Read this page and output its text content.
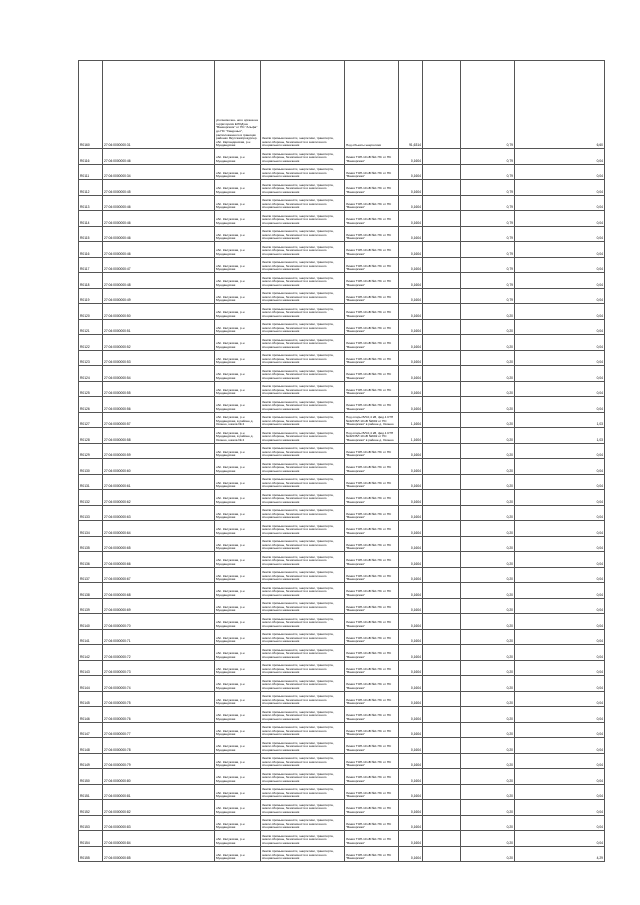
R0160	27:04:0000000:31	уполномочен- ного органа на территориях ЕЛОД на "Ванкорском" от ПС "Альфа" до ПС "Хандонья", расположенного в границах районах Якутскаяпрокурлер. обл. Каргандинская, р-н Мундандская	Земли промышленности, энергетики, транспорта, земли обороны, безопасности и земли иного специального назначения	Под объекты энергетики	91,6314		0,79	6,60
R0116	27:04:0000000:46	обл. Калужская, р-н Мундандская	Земли промышленности, энергетики, транспорта, земли обороны, безопасности и земли иного специального назначения	Линия ТЭП-10 кВ №1 ПС от ПС "Ванкорская"	0,1604		0,79	0,04
R0111	27:04:0000000:34	обл. Калужская, р-н Мундандская	Земли промышленности, энергетики, транспорта, земли обороны, безопасности и земли иного специального назначения	Линия ТЭП-10 кВ №1 ПС от ПС "Ванкорская"	0,1604		0,79	0,04
R0112	27:04:0000000:45	обл. Калужская, р-н Мундандская	Земли промышленности, энергетики, транспорта, земли обороны, безопасности и земли иного специального назначения	Линия ТЭП-10 кВ №1 ПС от ПС "Ванкорская"	0,1604		0,79	0,04
R0113	27:04:0000000:46	обл. Калужская, р-н Мундандская	Земли промышленности, энергетики, транспорта, земли обороны, безопасности и земли иного специального назначения	Линия ТЭП-10 кВ №1 ПС от ПС "Ванкорская"	0,1604		0,79	0,04
R0114	27:04:0000000:46	обл. Калужская, р-н Мундандская	Земли промышленности, энергетики, транспорта, земли обороны, безопасности и земли иного специального назначения	Линия ТЭП-10 кВ №1 ПС от ПС "Ванкорская"	0,1604		0,79	0,04
R0115	27:04:0000000:46	обл. Калужская, р-н Мундандская	Земли промышленности, энергетики, транспорта, земли обороны, безопасности и земли иного специального назначения	Линия ТЭП-10 кВ №1 ПС от ПС "Ванкорская"	0,1604		0,79	0,04
R0116	27:04:0000000:46	обл. Калужская, р-н Мундандская	Земли промышленности, энергетики, транспорта, земли обороны, безопасности и земли иного специального назначения	Линия ТЭП-10 кВ №1 ПС от ПС "Ванкорская"	0,1604		0,79	0,04
R0117	27:04:0000000:47	обл. Калужская, р-н Мундандская	Земли промышленности, энергетики, транспорта, земли обороны, безопасности и земли иного специального назначения	Линия ТЭП-10 кВ №1 ПС от ПС "Ванкорская"	0,1604		0,79	0,04
R0118	27:04:0000000:48	обл. Калужская, р-н Мундандская	Земли промышленности, энергетики, транспорта, земли обороны, безопасности и земли иного специального назначения	Линия ТЭП-10 кВ №1 ПС от ПС "Ванкорская"	0,1604		0,79	0,04
R0119	27:04:0000000:49	обл. Калужская, р-н Мундандская	Земли промышленности, энергетики, транспорта, земли обороны, безопасности и земли иного специального назначения	Линия ТЭП-10 кВ №1 ПС от ПС "Ванкорская"	0,1604		0,79	0,04
R0120	27:04:0000000:50	обл. Калужская, р-н Мундандская	Земли промышленности, энергетики, транспорта, земли обороны, безопасности и земли иного специального назначения	Линия ТЭП-10 кВ №1 ПС от ПС "Ванкорская"	0,1604		0,20	0,04
R0121	27:04:0000000:51	обл. Калужская, р-н Мундандская	Земли промышленности, энергетики, транспорта, земли обороны, безопасности и земли иного специального назначения	Линия ТЭП-10 кВ №1 ПС от ПС "Ванкорская"	0,1604		0,20	0,04
R0122	27:04:0000000:52	обл. Калужская, р-н Мундандская	Земли промышленности, энергетики, транспорта, земли обороны, безопасности и земли иного специального назначения	Линия ТЭП-10 кВ №1 ПС от ПС "Ванкорская"	0,1604		0,20	0,04
R0123	27:04:0000000:53	обл. Калужская, р-н Мундандская	Земли промышленности, энергетики, транспорта, земли обороны, безопасности и земли иного специального назначения	Линия ТЭП-10 кВ №1 ПС от ПС "Ванкорская"	0,1604		0,20	0,04
R0124	27:04:0000000:54	обл. Калужская, р-н Мундандская	Земли промышленности, энергетики, транспорта, земли обороны, безопасности и земли иного специального назначения	Линия ТЭП-10 кВ №1 ПС от ПС "Ванкорская"	0,1604		0,20	0,04
R0125	27:04:0000000:55	обл. Калужская, р-н Мундандская	Земли промышленности, энергетики, транспорта, земли обороны, безопасности и земли иного специального назначения	Линия ТЭП-10 кВ №1 ПС от ПС "Ванкорская"	0,1604		0,20	0,04
R0126	27:04:0000000:56	обл. Калужская, р-н Мундандская	Земли промышленности, энергетики, транспорта, земли обороны, безопасности и земли иного специального назначения	Линия ТЭП-10 кВ №1 ПС от ПС "Ванкорская"	0,1604		0,20	0,04
R0127	27:04:0000000:57	обл. Калужская, р-н Мундандская, в районе д. Оконно, шкала № 2	Земли промышленности, энергетики, транспорта, земли обороны, безопасности и земли иного специального назначения	Под опоры ВЛ-0,4 кВ, фид.1 КТП №420 ВЛ 10 кВ №602 от ПС "Ванкорская" в районе д. Оконно	1,1604		0,20	1,03
R0128	27:04:0000000:58	обл. Калужская, р-н Мундандская, в районе д. Оконно, шкала № 2	Земли промышленности, энергетики, транспорта, земли обороны, безопасности и земли иного специального назначения	Под опоры ВЛ-0,4 кВ, фид.1 КТП №420 ВЛ 10 кВ №602 от ПС "Ванкорская" в районе д. Оконно	1,1604		0,20	1,03
R0129	27:04:0000000:59	обл. Калужская, р-н Мундандская	Земли промышленности, энергетики, транспорта, земли обороны, безопасности и земли иного специального назначения	Линия ТЭП-10 кВ №1 ПС от ПС "Ванкорская"	0,1604		0,20	0,04
R0130	27:04:0000000:60	обл. Калужская, р-н Мундандская	Земли промышленности, энергетики, транспорта, земли обороны, безопасности и земли иного специального назначения	Линия ТЭП-10 кВ №1 ПС от ПС "Ванкорская"	0,1604		0,20	0,04
R0131	27:04:0000000:61	обл. Калужская, р-н Мундандская	Земли промышленности, энергетики, транспорта, земли обороны, безопасности и земли иного специального назначения	Линия ТЭП-10 кВ №1 ПС от ПС "Ванкорская"	0,1604		0,20	0,04
R0132	27:04:0000000:62	обл. Калужская, р-н Мундандская	Земли промышленности, энергетики, транспорта, земли обороны, безопасности и земли иного специального назначения	Линия ТЭП-10 кВ №1 ПС от ПС "Ванкорская"	0,1604		0,20	0,04
R0133	27:04:0000000:63	обл. Калужская, р-н Мундандская	Земли промышленности, энергетики, транспорта, земли обороны, безопасности и земли иного специального назначения	Линия ТЭП-10 кВ №1 ПС от ПС "Ванкорская"	0,1604		0,20	0,04
R0134	27:04:0000000:64	обл. Калужская, р-н Мундандская	Земли промышленности, энергетики, транспорта, земли обороны, безопасности и земли иного специального назначения	Линия ТЭП-10 кВ №1 ПС от ПС "Ванкорская"	0,1604		0,20	0,04
R0135	27:04:0000000:65	обл. Калужская, р-н Мундандская	Земли промышленности, энергетики, транспорта, земли обороны, безопасности и земли иного специального назначения	Линия ТЭП-10 кВ №1 ПС от ПС "Ванкорская"	0,1604		0,20	0,04
R0136	27:04:0000000:66	обл. Калужская, р-н Мундандская	Земли промышленности, энергетики, транспорта, земли обороны, безопасности и земли иного специального назначения	Линия ТЭП-10 кВ №1 ПС от ПС "Ванкорская"	0,1604		0,20	0,04
R0137	27:04:0000000:67	обл. Калужская, р-н Мундандская	Земли промышленности, энергетики, транспорта, земли обороны, безопасности и земли иного специального назначения	Линия ТЭП-10 кВ №1 ПС от ПС "Ванкорская"	0,1604		0,20	0,04
R0138	27:04:0000000:68	обл. Калужская, р-н Мундандская	Земли промышленности, энергетики, транспорта, земли обороны, безопасности и земли иного специального назначения	Линия ТЭП-10 кВ №1 ПС от ПС "Ванкорская"	0,1604		0,20	0,04
R0139	27:04:0000000:69	обл. Калужская, р-н Мундандская	Земли промышленности, энергетики, транспорта, земли обороны, безопасности и земли иного специального назначения	Линия ТЭП-10 кВ №1 ПС от ПС "Ванкорская"	0,1604		0,20	0,04
R0140	27:04:0000000:70	обл. Калужская, р-н Мундандская	Земли промышленности, энергетики, транспорта, земли обороны, безопасности и земли иного специального назначения	Линия ТЭП-10 кВ №1 ПС от ПС "Ванкорская"	0,1604		0,20	0,04
R0141	27:04:0000000:71	обл. Калужская, р-н Мундандская	Земли промышленности, энергетики, транспорта, земли обороны, безопасности и земли иного специального назначения	Линия ТЭП-10 кВ №1 ПС от ПС "Ванкорская"	0,1604		0,20	0,04
R0142	27:04:0000000:72	обл. Калужская, р-н Мундандская	Земли промышленности, энергетики, транспорта, земли обороны, безопасности и земли иного специального назначения	Линия ТЭП-10 кВ №1 ПС от ПС "Ванкорская"	0,1604		0,20	0,04
R0143	27:04:0000000:73	обл. Калужская, р-н Мундандская	Земли промышленности, энергетики, транспорта, земли обороны, безопасности и земли иного специального назначения	Линия ТЭП-10 кВ №1 ПС от ПС "Ванкорская"	0,1604		0,20	0,04
R0144	27:04:0000000:74	обл. Калужская, р-н Мундандская	Земли промышленности, энергетики, транспорта, земли обороны, безопасности и земли иного специального назначения	Линия ТЭП-10 кВ №1 ПС от ПС "Ванкорская"	0,1604		0,20	0,04
R0145	27:04:0000000:75	обл. Калужская, р-н Мундандская	Земли промышленности, энергетики, транспорта, земли обороны, безопасности и земли иного специального назначения	Линия ТЭП-10 кВ №1 ПС от ПС "Ванкорская"	0,1604		0,20	0,04
R0146	27:04:0000000:76	обл. Калужская, р-н Мундандская	Земли промышленности, энергетики, транспорта, земли обороны, безопасности и земли иного специального назначения	Линия ТЭП-10 кВ №1 ПС от ПС "Ванкорская"	0,1604		0,20	0,04
R0147	27:04:0000000:77	обл. Калужская, р-н Мундандская	Земли промышленности, энергетики, транспорта, земли обороны, безопасности и земли иного специального назначения	Линия ТЭП-10 кВ №1 ПС от ПС "Ванкорская"	0,1604		0,20	0,04
R0148	27:04:0000000:78	обл. Калужская, р-н Мундандская	Земли промышленности, энергетики, транспорта, земли обороны, безопасности и земли иного специального назначения	Линия ТЭП-10 кВ №1 ПС от ПС "Ванкорская"	0,1604		0,20	0,04
R0149	27:04:0000000:79	обл. Калужская, р-н Мундандская	Земли промышленности, энергетики, транспорта, земли обороны, безопасности и земли иного специального назначения	Линия ТЭП-10 кВ №1 ПС от ПС "Ванкорская"	0,1604		0,20	0,04
R0150	27:04:0000000:80	обл. Калужская, р-н Мундандская	Земли промышленности, энергетики, транспорта, земли обороны, безопасности и земли иного специального назначения	Линия ТЭП-10 кВ №1 ПС от ПС "Ванкорская"	0,1604		0,20	0,04
R0151	27:04:0000000:81	обл. Калужская, р-н Мундандская	Земли промышленности, энергетики, транспорта, земли обороны, безопасности и земли иного специального назначения	Линия ТЭП-10 кВ №1 ПС от ПС "Ванкорская"	0,1604		0,20	0,04
R0152	27:04:0000000:82	обл. Калужская, р-н Мундандская	Земли промышленности, энергетики, транспорта, земли обороны, безопасности и земли иного специального назначения	Линия ТЭП-10 кВ №1 ПС от ПС "Ванкорская"	0,1604		0,20	0,04
R0153	27:04:0000000:83	обл. Калужская, р-н Мундандская	Земли промышленности, энергетики, транспорта, земли обороны, безопасности и земли иного специального назначения	Линия ТЭП-10 кВ №1 ПС от ПС "Ванкорская"	0,1604		0,20	0,04
R0154	27:04:0000000:84	обл. Калужская, р-н Мундандская	Земли промышленности, энергетики, транспорта, земли обороны, безопасности и земли иного специального назначения	Линия ТЭП-10 кВ №1 ПС от ПС "Ванкорская"	0,1604		0,20	0,04
R0155	27:04:0000000:85	обл. Калужская, р-н Мундандская	Земли промышленности, энергетики, транспорта, земли обороны, безопасности и земли иного специального назначения	Линия ТЭП-10 кВ №1 ПС от ПС "Ванкорская"	0,1604		0,20	4,29
